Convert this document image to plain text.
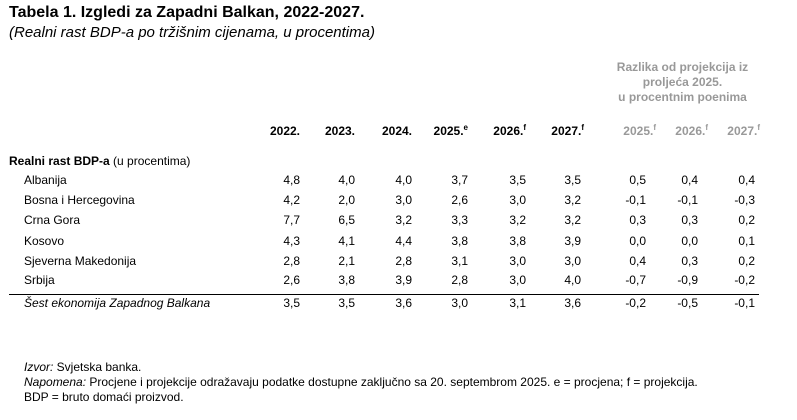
Tabela 1. Izgledi za Zapadni Balkan, 2022-2027.
(Realni rast BDP-a po tržišnim cijenama, u procentima)
Razlika od projekcija iz
proljeća 2025.
u procentnim poenima
2022.	2023.	2024.	2025.$^e$	2026.$^f$	2027.$^f$	2025.$^f$	2026.$^f$	2027.$^f$
Realni rast BDP-a (u procentima)
Albanija	4,8	4,0	4,0	3,7	3,5	3,5	0,5	0,4	0,4
Bosna i Hercegovina	4,2	2,0	3,0	2,6	3,0	3,2	-0,1	-0,1	-0,3
Crna Gora	7,7	6,5	3,2	3,3	3,2	3,2	0,3	0,3	0,2
Kosovo	4,3	4,1	4,4	3,8	3,8	3,9	0,0	0,0	0,1
Sjeverna Makedonija	2,8	2,1	2,8	3,1	3,0	3,0	0,4	0,3	0,2
Srbija	2,6	3,8	3,9	2,8	3,0	4,0	-0,7	-0,9	-0,2
Šest ekonomija Zapadnog Balkana	3,5	3,5	3,6	3,0	3,1	3,6	-0,2	-0,5	-0,1
Izvor: Svjetska banka.
Napomena: Procjene i projekcije odražavaju podatke dostupne zaključno sa 20. septembrom 2025. e = procjena; f = projekcija.
BDP = bruto domaći proizvod.
